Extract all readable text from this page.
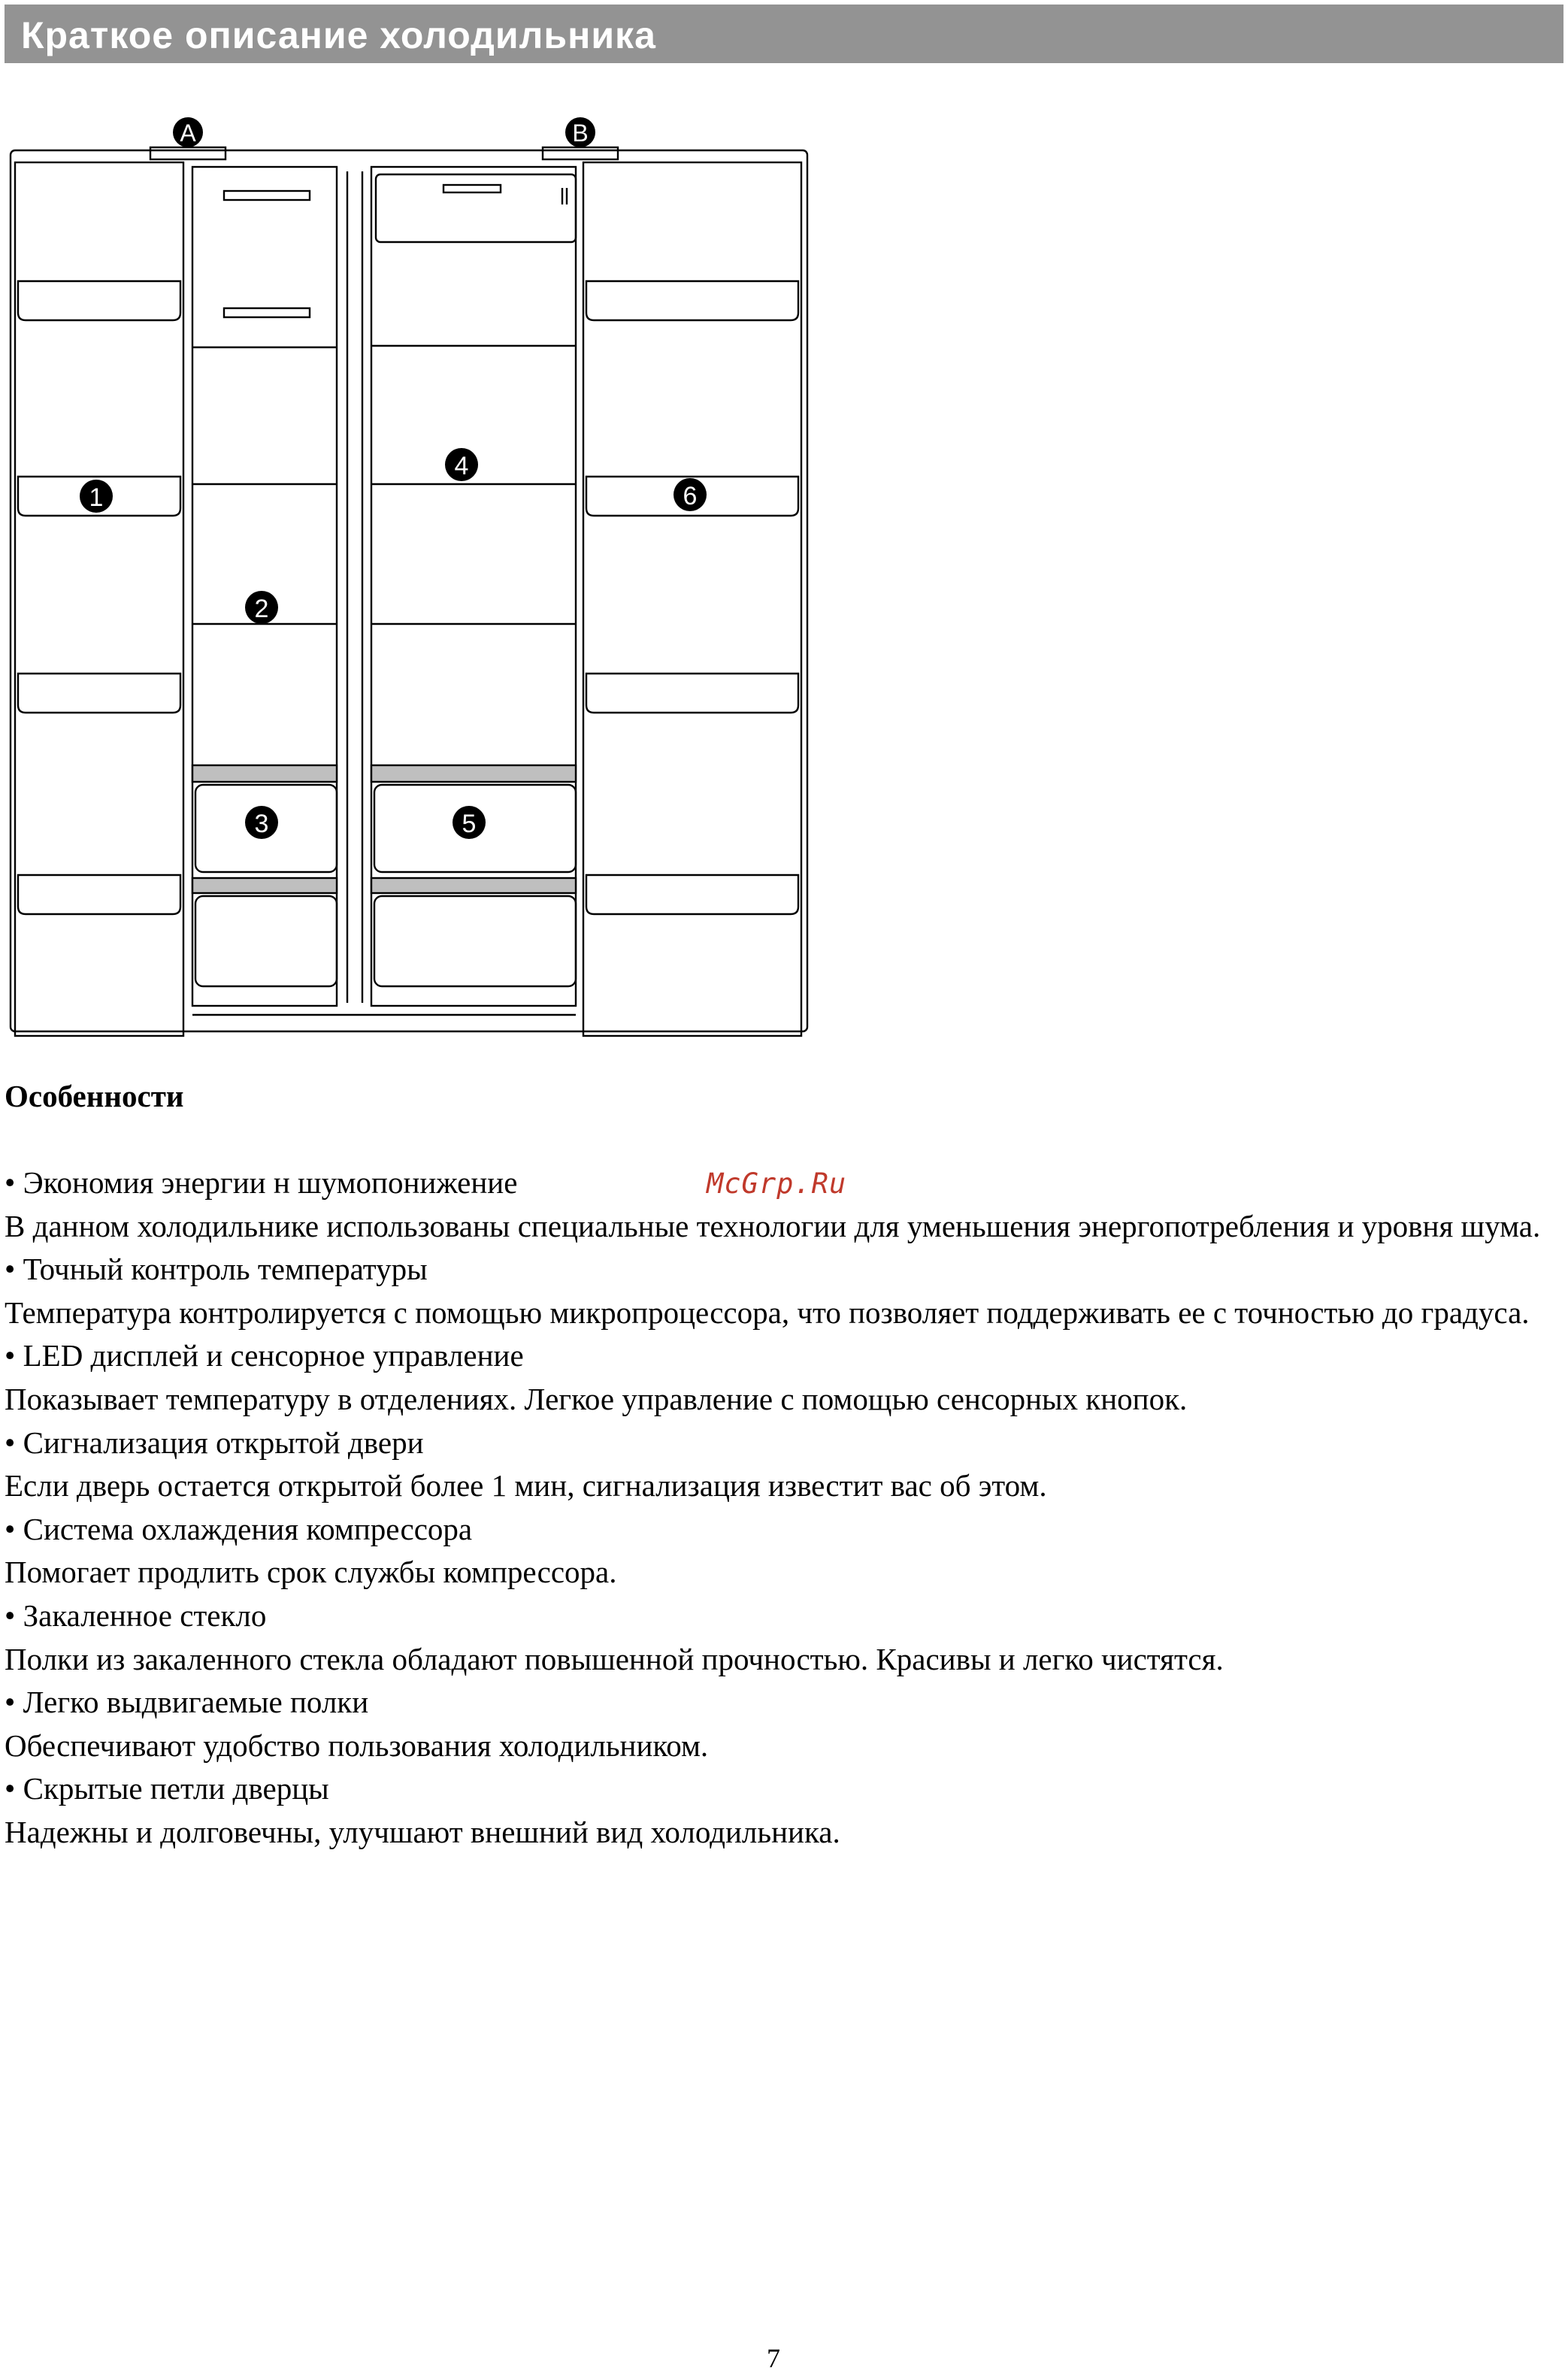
Краткое описание холодильника
A	B
1
2
3
4
5
6
Особенности
McGrp.Ru

• Экономия энергии н шумопонижение

В данном холодильнике использованы специальные технологии для уменьшения энергопотребления и уровня шума.

• Точный контроль температуры

Температура контролируется с помощью микропроцессора, что позволяет поддерживать ее с точностью до градуса.

• LED дисплей и сенсорное управление

Показывает температуру в отделениях. Легкое управление с помощью сенсорных кнопок.

• Сигнализация открытой двери

Если дверь остается открытой более 1 мин, сигнализация известит вас об этом.

• Система охлаждения компрессора

Помогает продлить срок службы компрессора.

• Закаленное стекло

Полки из закаленного стекла обладают повышенной прочностью. Красивы и легко чистятся.

• Легко выдвигаемые полки

Обеспечивают удобство пользования холодильником.

• Скрытые петли дверцы

Надежны и долговечны, улучшают внешний вид холодильника.

7
